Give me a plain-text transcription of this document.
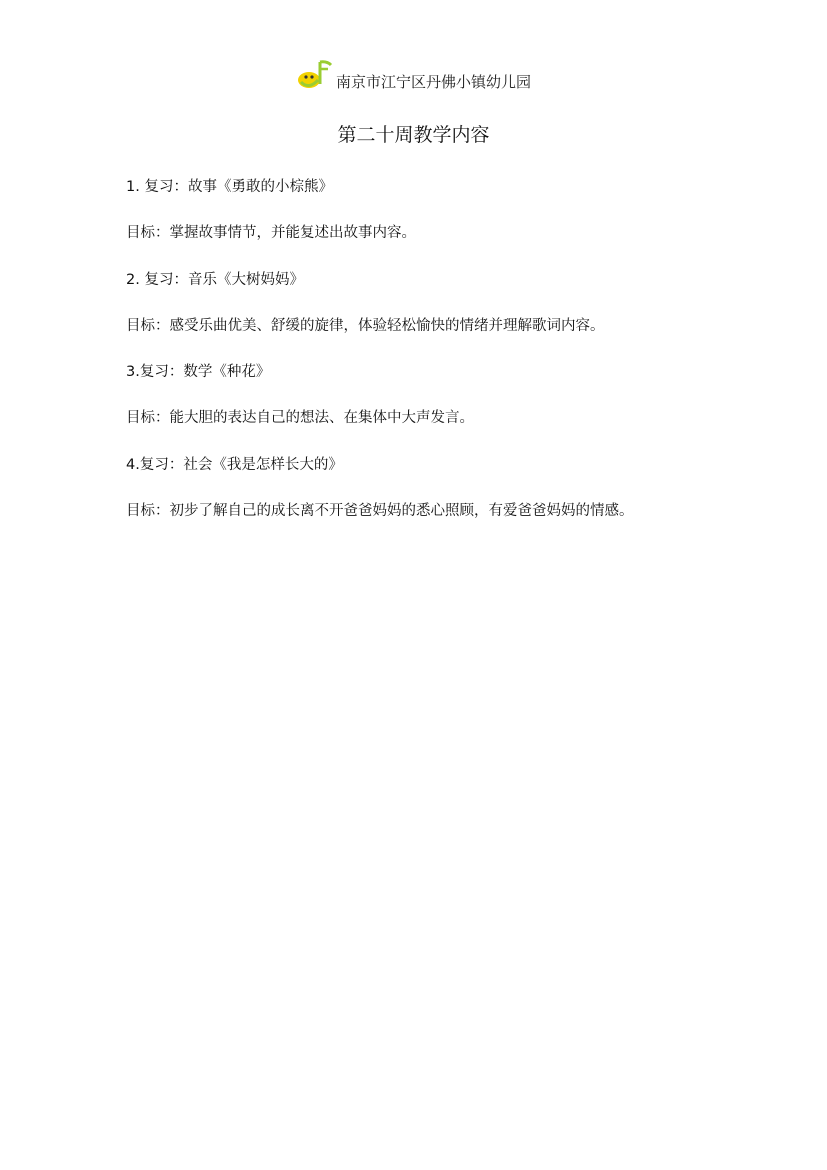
南京市江宁区丹佛小镇幼儿园
第二十周教学内容
1. 复习：故事《勇敢的小棕熊》
目标：掌握故事情节，并能复述出故事内容。
2. 复习：音乐《大树妈妈》
目标：感受乐曲优美、舒缓的旋律，体验轻松愉快的情绪并理解歌词内容。
3.复习：数学《种花》
目标：能大胆的表达自己的想法、在集体中大声发言。
4.复习：社会《我是怎样长大的》
目标：初步了解自己的成长离不开爸爸妈妈的悉心照顾，有爱爸爸妈妈的情感。
